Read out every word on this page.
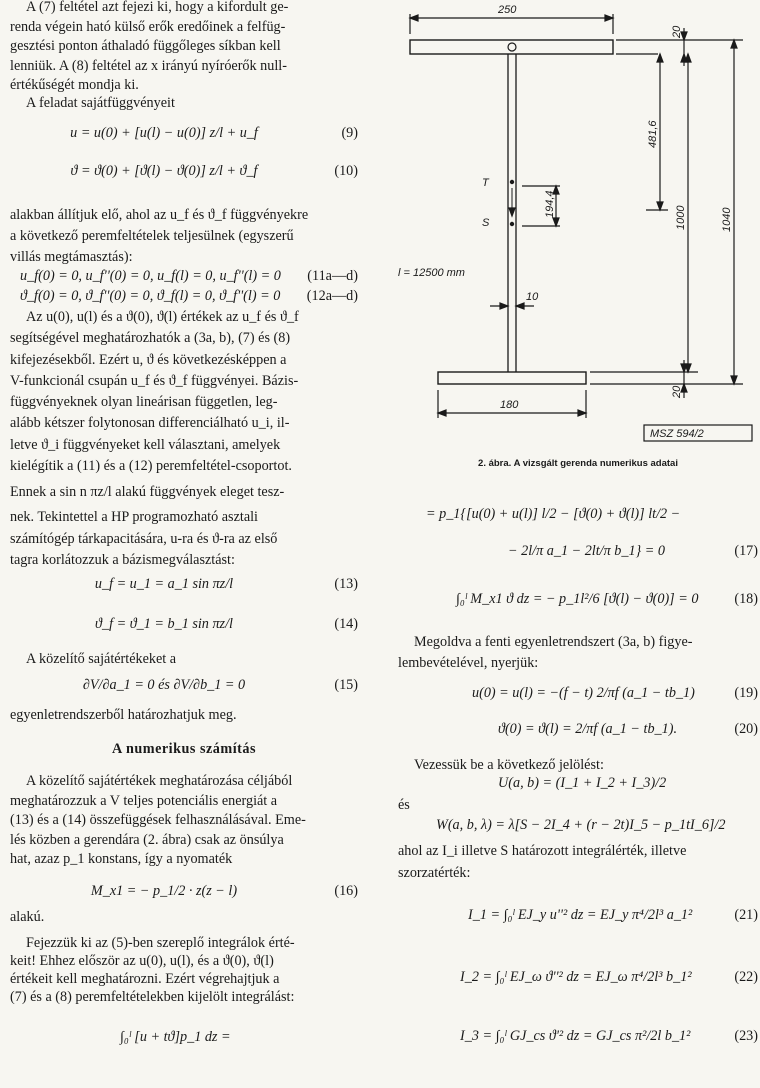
A (7) feltétel azt fejezi ki, hogy a kifordult ge-

renda végein ható külső erők eredőinek a felfüg-

gesztési ponton áthaladó függőleges síkban kell

lenniük. A (8) feltétel az x irányú nyíróerők null-

értékűségét mondja ki.

A feladat sajátfüggvényeit

u = u(0) + [u(l) − u(0)] z/l + u_f	(9)
ϑ = ϑ(0) + [ϑ(l) − ϑ(0)] z/l + ϑ_f	(10)

alakban állítjuk elő, ahol az u_f és ϑ_f függvényekre

a következő peremfeltételek teljesülnek (egyszerű

villás megtámasztás):

u_f(0) = 0, u_f''(0) = 0, u_f(l) = 0, u_f''(l) = 0 (11a—d)
ϑ_f(0) = 0, ϑ_f''(0) = 0, ϑ_f(l) = 0, ϑ_f''(l) = 0 (12a—d)

Az u(0), u(l) és a ϑ(0), ϑ(l) értékek az u_f és ϑ_f

segítségével meghatározhatók a (3a, b), (7) és (8)

kifejezésekből. Ezért u, ϑ és következésképpen a

V-funkcionál csupán u_f és ϑ_f függvényei. Bázis-

függvényeknek olyan lineárisan független, leg-

alább kétszer folytonosan differenciálható u_i, il-

letve ϑ_i függvényeket kell választani, amelyek

kielégítik a (11) és a (12) peremfeltétel-csoportot.

Ennek a sin n πz/l alakú függvények eleget tesz-

nek. Tekintettel a HP programozható asztali

számítógép tárkapacitására, u-ra és ϑ-ra az első

tagra korlátozzuk a bázismegválasztást:

u_f = u_1 = a_1 sin πz/l	(13)
ϑ_f = ϑ_1 = b_1 sin πz/l	(14)

A közelítő sajátértékeket a

∂V/∂a_1 = 0 és ∂V/∂b_1 = 0	(15)

egyenletrendszerből határozhatjuk meg.

A numerikus számítás

A közelítő sajátértékek meghatározása céljából

meghatározzuk a V teljes potenciális energiát a

(13) és a (14) összefüggések felhasználásával. Eme-

lés közben a gerendára (2. ábra) csak az önsúlya

hat, azaz p_1 konstans, így a nyomaték

M_x1 = − p_1/2 · z(z − l)	(16)

alakú.

Fejezzük ki az (5)-ben szereplő integrálok érté-

keit! Ehhez először az u(0), u(l), és a ϑ(0), ϑ(l)

értékeit kell meghatározni. Ezért végrehajtjuk a

(7) és a (8) peremfeltételekben kijelölt integrálást:

∫₀ˡ [u + tϑ]p_1 dz =
250
20
481,6
1000	1040
194,4
10
180
20
T
S
l = 12500 mm
MSZ 594/2
2. ábra. A vizsgált gerenda numerikus adatai
= p_1{[u(0) + u(l)] l/2 − [ϑ(0) + ϑ(l)] lt/2 −
− 2l/π a_1 − 2lt/π b_1} = 0	(17)
∫₀ˡ M_x1 ϑ dz = − p_1l²/6 [ϑ(l) − ϑ(0)] = 0	(18)

Megoldva a fenti egyenletrendszert (3a, b) figye-

lembevételével, nyerjük:

u(0) = u(l) = −(f − t) 2/πf (a_1 − tb_1)	(19)
ϑ(0) = ϑ(l) = 2/πf (a_1 − tb_1).	(20)

Vezessük be a következő jelölést:

U(a, b) = (I_1 + I_2 + I_3)/2

és

W(a, b, λ) = λ[S − 2I_4 + (r − 2t)I_5 − p_1tI_6]/2

ahol az I_i illetve S határozott integrálérték, illetve

szorzatérték:

I_1 = ∫₀ˡ EJ_y u''² dz = EJ_y π⁴/2l³ a_1²	(21)
I_2 = ∫₀ˡ EJ_ω ϑ''² dz = EJ_ω π⁴/2l³ b_1²	(22)
I_3 = ∫₀ˡ GJ_cs ϑ'² dz = GJ_cs π²/2l b_1²	(23)
